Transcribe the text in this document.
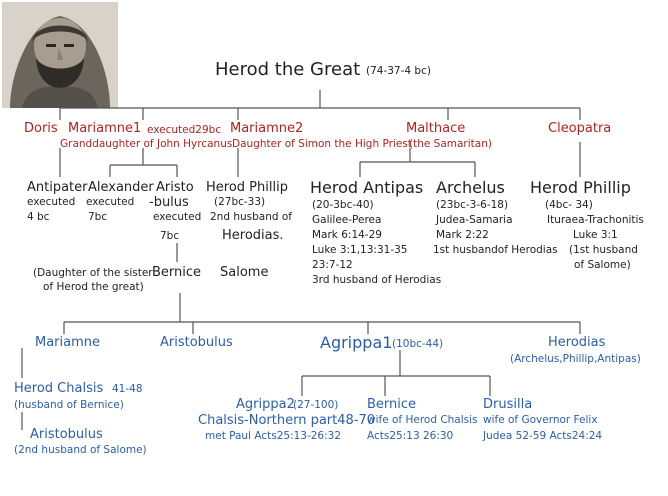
Herod the Great (74-37-4 bc)
Doris Mariamne1 executed29bc
Granddaughter of John Hyrcanus
Mariamne2
Daughter of Simon the High Priest
Malthace
(the Samaritan)
Cleopatra
Antipater
executed
4 bc
Alexander
executed
7bc
Aristo
-bulus
executed
7bc
Herod Phillip
(27bc-33)
2nd husband of
Herodias.
(Daughter of the sister
of Herod the great)
Bernice Salome
Herod Antipas
(20-3bc-40)
Galilee-Perea
Mark 6:14-29
Luke 3:1,13:31-35
23:7-12
3rd husband of Herodias
Archelus
(23bc-3-6-18)
Judea-Samaria
Mark 2:22
1st husbandof Herodias
Herod Phillip
(4bc- 34)
Ituraea-Trachonitis
Luke 3:1
(1st husband
of Salome)
Mariamne	Aristobulus	Agrippa1 (10bc-44)	Herodias
(Archelus,Phillip,Antipas)
Herod Chalsis 41-48
(husband of Bernice)
Aristobulus
(2nd husband of Salome)
Agrippa2
(27-100)
Chalsis-Northern part48-70
met Paul Acts25:13-26:32
Bernice
wife of Herod Chalsis
Acts25:13 26:30
Drusilla
wife of Governor Felix
Judea 52-59 Acts24:24
